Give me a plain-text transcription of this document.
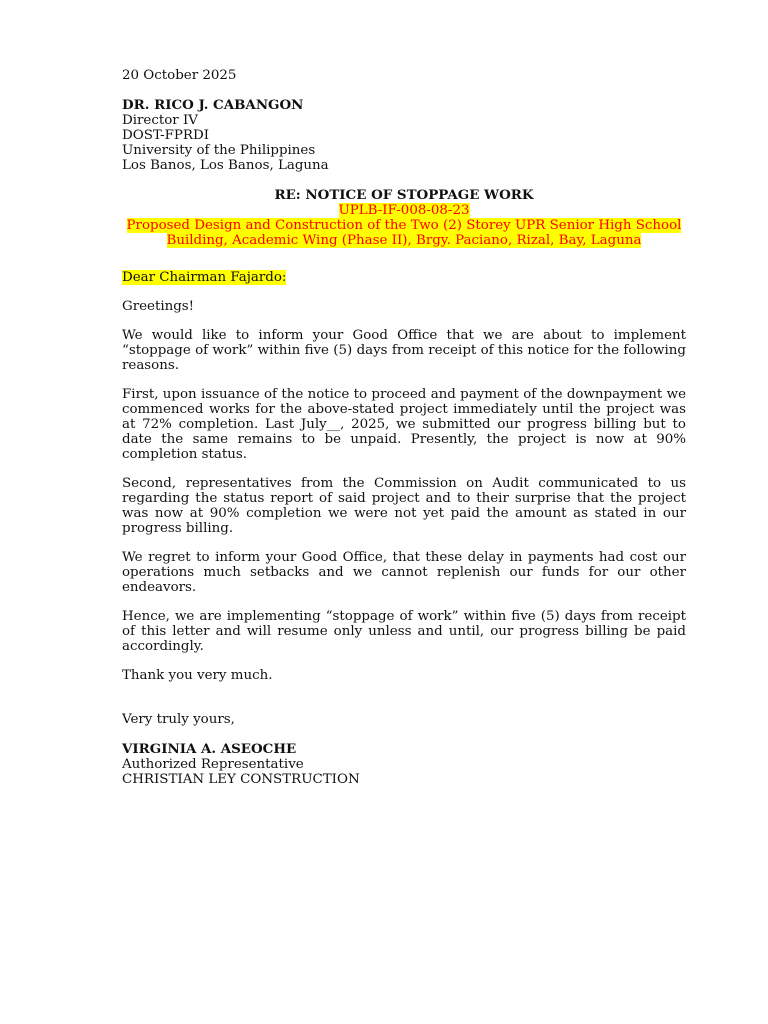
20 October 2025
DR. RICO J. CABANGON
Director IV
DOST-FPRDI
University of the Philippines
Los Banos, Los Banos, Laguna
RE: NOTICE OF STOPPAGE WORK
UPLB-IF-008-08-23
Proposed Design and Construction of the Two (2) Storey UPR Senior High School Building, Academic Wing (Phase II), Brgy. Paciano, Rizal, Bay, Laguna
Dear Chairman Fajardo:

Greetings!

We would like to inform your Good Office that we are about to implement “stoppage of work” within five (5) days from receipt of this notice for the following reasons.

First, upon issuance of the notice to proceed and payment of the downpayment we commenced works for the above-stated project immediately until the project was at 72% completion. Last July__, 2025, we submitted our progress billing but to date the same remains to be unpaid. Presently, the project is now at 90% completion status.

Second, representatives from the Commission on Audit communicated to us regarding the status report of said project and to their surprise that the project was now at 90% completion we were not yet paid the amount as stated in our progress billing.

We regret to inform your Good Office, that these delay in payments had cost our operations much setbacks and we cannot replenish our funds for our other endeavors.

Hence, we are implementing “stoppage of work” within five (5) days from receipt of this letter and will resume only unless and until, our progress billing be paid accordingly.

Thank you very much.
Very truly yours,
VIRGINIA A. ASEOCHE
Authorized Representative
CHRISTIAN LEY CONSTRUCTION
